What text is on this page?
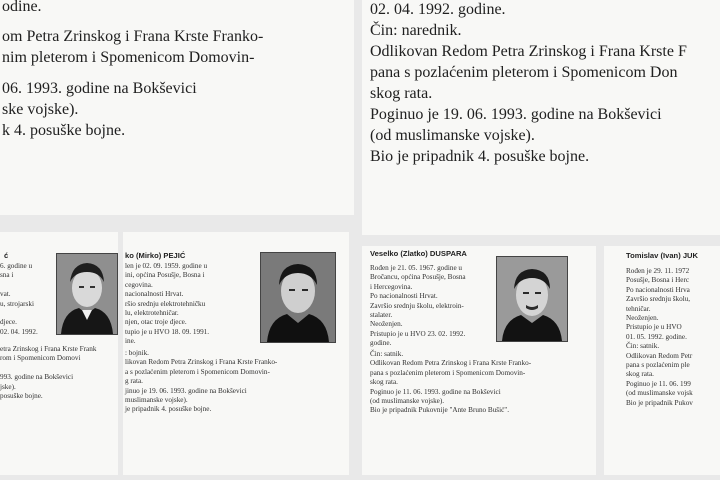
odine.

om Petra Zrinskog i Frana Krste Franko-

nim pleterom i Spomenicom Domovin-

06. 1993. godine na Bokševici

ske vojske).

k 4. posuške bojne.

02. 04. 1992. godine.

Čin: narednik.

Odlikovan Redom Petra Zrinskog i Frana Krste F

pana s pozlaćenim pleterom i Spomenicom Don

skog rata.

Poginuo je 19. 06. 1993. godine na Bokševici

(od muslimanske vojske).

Bio je pripadnik 4. posuške bojne.

ć

6. godine u

sna i

vat.

u, strojarski

djece.

02. 04. 1992.

etra Zrinskog i Frana Krste Frank

rom i Spomenicom Domovi

993. godine na Bokševici

jske).

posuške bojne.

ko (Mirko) PEJIĆ

len je 02. 09. 1959. godine u

ini, općina Posušje, Bosna i

cegovina.

nacionalnosti Hrvat.

ršio srednju elektrotehničku

lu, elektrotehničar.

njen, otac troje djece.

tupio je u HVO 18. 09. 1991.

ine.

: bojnik.

likovan Redom Petra Zrinskog i Frana Krste Franko-

a s pozlaćenim pleterom i Spomenicom Domovin-

g rata.

jinuo je 19. 06. 1993. godine na Bokševici

muslimanske vojske).

je pripadnik 4. posuške bojne.

Veselko (Zlatko) DUSPARA

Rođen je 21. 05. 1967. godine u

Bročancu, općina Posušje, Bosna

i Hercegovina.

Po nacionalnosti Hrvat.

Završio srednju školu, elektroin-

stalater.

Neoženjen.

Pristupio je u HVO 23. 02. 1992.

godine.

Čin: satnik.

Odlikovan Redom Petra Zrinskog i Frana Krste Franko-

pana s pozlaćenim pleterom i Spomenicom Domovin-

skog rata.

Poginuo je 11. 06. 1993. godine na Bokševici

(od muslimanske vojske).

Bio je pripadnik Pukovnije "Ante Bruno Bušić".

Tomislav (Ivan) JUK

Rođen je 29. 11. 1972

Posušje, Bosna i Herc

Po nacionalnosti Hrva

Završio srednju školu,

tehničar.

Neoženjen.

Pristupio je u HVO

01. 05. 1992. godine.

Čin: satnik.

Odlikovan Redom Petr

pana s pozlaćenim ple

skog rata.

Poginuo je 11. 06. 199

(od muslimanske vojsk

Bio je pripadnik Pukov
